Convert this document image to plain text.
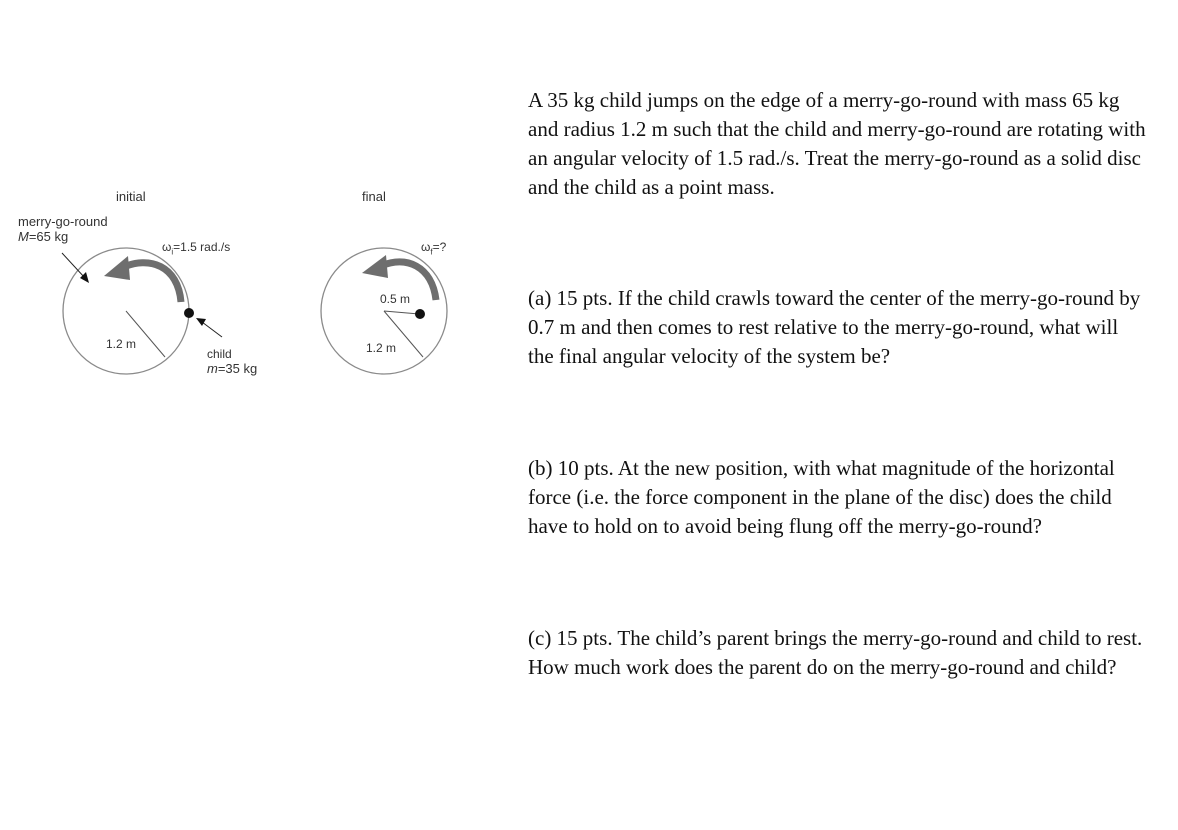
initial	final
merry-go-round
M=65 kg
$\omega_i=1.5$ rad./s
1.2 m
child
m=35 kg
$\omega_f=$?
0.5 m
1.2 m

A 35 kg child jumps on the edge of a merry-go-round with mass 65 kg and radius 1.2 m such that the child and merry-go-round are rotating with an angular velocity of 1.5 rad./s. Treat the merry-go-round as a solid disc and the child as a point mass.

(a) 15 pts. If the child crawls toward the center of the merry-go-round by 0.7 m and then comes to rest relative to the merry-go-round, what will the final angular velocity of the system be?

(b) 10 pts. At the new position, with what magnitude of the horizontal force (i.e. the force component in the plane of the disc) does the child have to hold on to avoid being flung off the merry-go-round?

(c) 15 pts. The child’s parent brings the merry-go-round and child to rest. How much work does the parent do on the merry-go-round and child?
